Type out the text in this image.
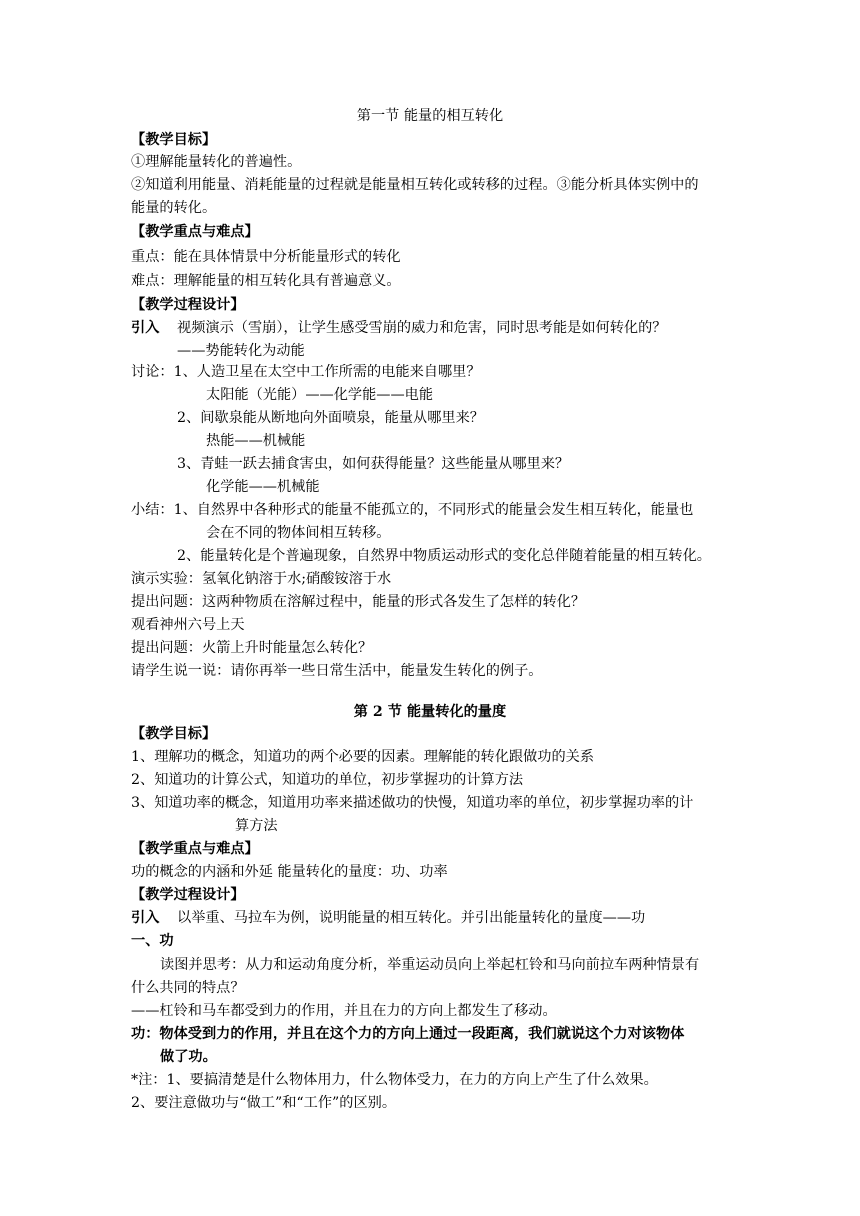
第一节 能量的相互转化
【教学目标】
①理解能量转化的普遍性。
②知道利用能量、消耗能量的过程就是能量相互转化或转移的过程。③能分析具体实例中的
能量的转化。
【教学重点与难点】
重点：能在具体情景中分析能量形式的转化
难点：理解能量的相互转化具有普遍意义。
【教学过程设计】
引入	视频演示（雪崩），让学生感受雪崩的威力和危害，同时思考能是如何转化的？
——势能转化为动能
讨论：1、人造卫星在太空中工作所需的电能来自哪里？
太阳能（光能）——化学能——电能
2、间歇泉能从断地向外面喷泉，能量从哪里来？
热能——机械能
3、青蛙一跃去捕食害虫，如何获得能量？这些能量从哪里来？
化学能——机械能
小结：1、自然界中各种形式的能量不能孤立的，不同形式的能量会发生相互转化，能量也
会在不同的物体间相互转移。
2、能量转化是个普遍现象，自然界中物质运动形式的变化总伴随着能量的相互转化。
演示实验：氢氧化钠溶于水;硝酸铵溶于水
提出问题：这两种物质在溶解过程中，能量的形式各发生了怎样的转化？
观看神州六号上天
提出问题：火箭上升时能量怎么转化？
请学生说一说：请你再举一些日常生活中，能量发生转化的例子。
第 2 节 能量转化的量度
【教学目标】
1、理解功的概念，知道功的两个必要的因素。理解能的转化跟做功的关系
2、知道功的计算公式，知道功的单位，初步掌握功的计算方法
3、知道功率的概念，知道用功率来描述做功的快慢，知道功率的单位，初步掌握功率的计
算方法
【教学重点与难点】
功的概念的内涵和外延 能量转化的量度：功、功率
【教学过程设计】
引入	以举重、马拉车为例，说明能量的相互转化。并引出能量转化的量度——功
一、功
读图并思考：从力和运动角度分析，举重运动员向上举起杠铃和马向前拉车两种情景有
什么共同的特点？
——杠铃和马车都受到力的作用，并且在力的方向上都发生了移动。
功：物体受到力的作用，并且在这个力的方向上通过一段距离，我们就说这个力对该物体
做了功。
*注：1、要搞清楚是什么物体用力，什么物体受力，在力的方向上产生了什么效果。
2、要注意做功与“做工”和“工作”的区别。
